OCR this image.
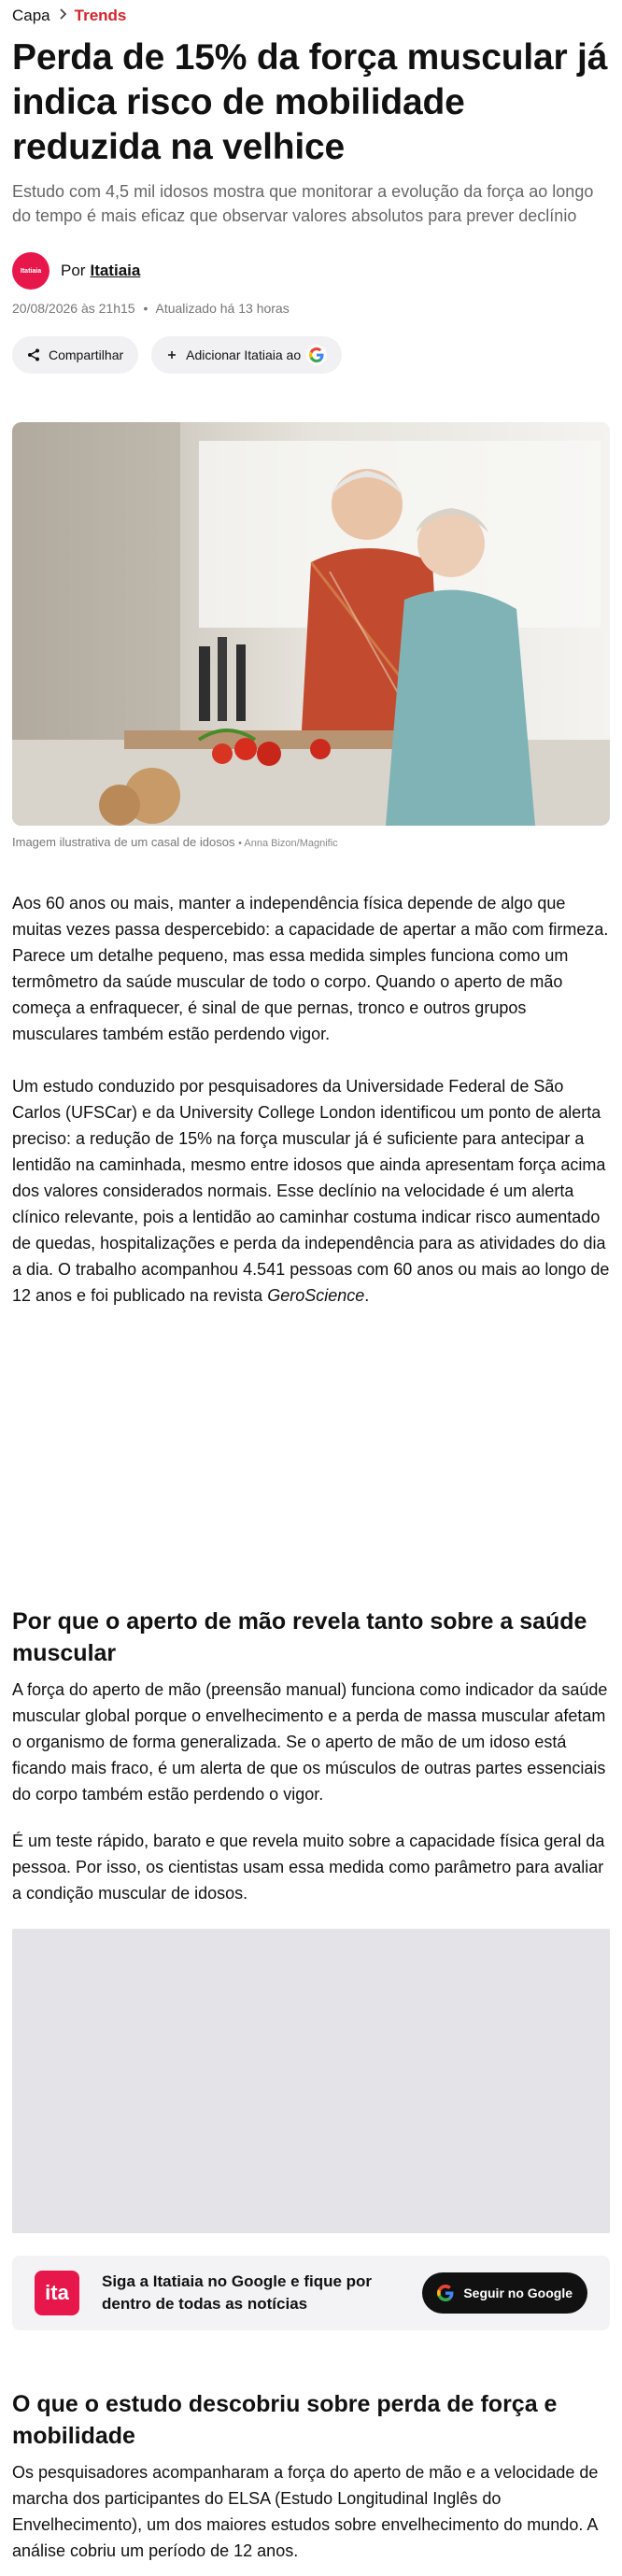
Capa Trends
Perda de 15% da força muscular já indica risco de mobilidade reduzida na velhice

Estudo com 4,5 mil idosos mostra que monitorar a evolução da força ao longo do tempo é mais eficaz que observar valores absolutos para prever declínio

Itatiaia Por Itatiaia
20/08/2026 às 21h15 • Atualizado há 13 horas
Compartilhar	Adicionar Itatiaia ao

Imagem ilustrativa de um casal de idosos • Anna Bizon/Magnific

Aos 60 anos ou mais, manter a independência física depende de algo que muitas vezes passa despercebido: a capacidade de apertar a mão com firmeza. Parece um detalhe pequeno, mas essa medida simples funciona como um termômetro da saúde muscular de todo o corpo. Quando o aperto de mão começa a enfraquecer, é sinal de que pernas, tronco e outros grupos musculares também estão perdendo vigor.

Um estudo conduzido por pesquisadores da Universidade Federal de São Carlos (UFSCar) e da University College London identificou um ponto de alerta preciso: a redução de 15% na força muscular já é suficiente para antecipar a lentidão na caminhada, mesmo entre idosos que ainda apresentam força acima dos valores considerados normais. Esse declínio na velocidade é um alerta clínico relevante, pois a lentidão ao caminhar costuma indicar risco aumentado de quedas, hospitalizações e perda da independência para as atividades do dia a dia. O trabalho acompanhou 4.541 pessoas com 60 anos ou mais ao longo de 12 anos e foi publicado na revista GeroScience.

Por que o aperto de mão revela tanto sobre a saúde muscular

A força do aperto de mão (preensão manual) funciona como indicador da saúde muscular global porque o envelhecimento e a perda de massa muscular afetam o organismo de forma generalizada. Se o aperto de mão de um idoso está ficando mais fraco, é um alerta de que os músculos de outras partes essenciais do corpo também estão perdendo o vigor.

É um teste rápido, barato e que revela muito sobre a capacidade física geral da pessoa. Por isso, os cientistas usam essa medida como parâmetro para avaliar a condição muscular de idosos.

ita Siga a Itatiaia no Google e fique por dentro de todas as notícias
Seguir no Google
O que o estudo descobriu sobre perda de força e mobilidade

Os pesquisadores acompanharam a força do aperto de mão e a velocidade de marcha dos participantes do ELSA (Estudo Longitudinal Inglês do Envelhecimento), um dos maiores estudos sobre envelhecimento do mundo. A análise cobriu um período de 12 anos.
